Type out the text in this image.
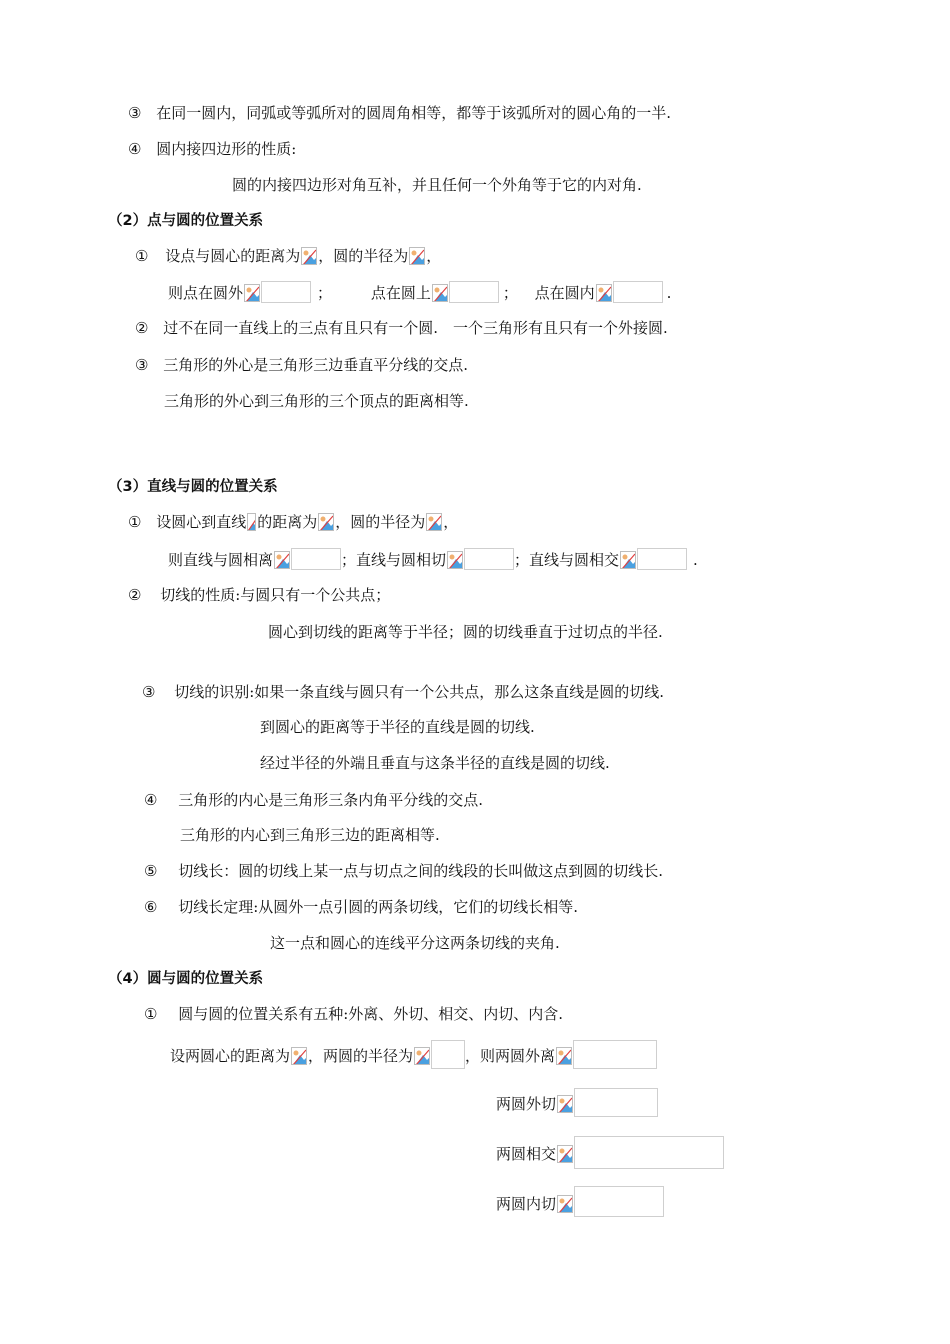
③ 在同一圆内，同弧或等弧所对的圆周角相等，都等于该弧所对的圆心角的一半.
④ 圆内接四边形的性质:
圆的内接四边形对角互补，并且任何一个外角等于它的内对角.
（2）点与圆的位置关系
① 设点与圆心的距离为 ，圆的半径为 ，
则点在圆外	；	点在圆上	； 点在圆内	.
② 过不在同一直线上的三点有且只有一个圆.　一个三角形有且只有一个外接圆.
③ 三角形的外心是三角形三边垂直平分线的交点.
三角形的外心到三角形的三个顶点的距离相等.
（3）直线与圆的位置关系
① 设圆心到直线 的距离为 ，圆的半径为 ，
则直线与圆相离	；直线与圆相切	；直线与圆相交	.
② 切线的性质:与圆只有一个公共点；
圆心到切线的距离等于半径；圆的切线垂直于过切点的半径.
③ 切线的识别:如果一条直线与圆只有一个公共点，那么这条直线是圆的切线.
到圆心的距离等于半径的直线是圆的切线.
经过半径的外端且垂直与这条半径的直线是圆的切线.
④ 三角形的内心是三角形三条内角平分线的交点.
三角形的内心到三角形三边的距离相等.
⑤ 切线长：圆的切线上某一点与切点之间的线段的长叫做这点到圆的切线长.
⑥ 切线长定理:从圆外一点引圆的两条切线，它们的切线长相等.
这一点和圆心的连线平分这两条切线的夹角.
（4）圆与圆的位置关系
① 圆与圆的位置关系有五种:外离、外切、相交、内切、内含.
设两圆心的距离为 ，两圆的半径为	，则两圆外离
两圆外切
两圆相交
两圆内切
